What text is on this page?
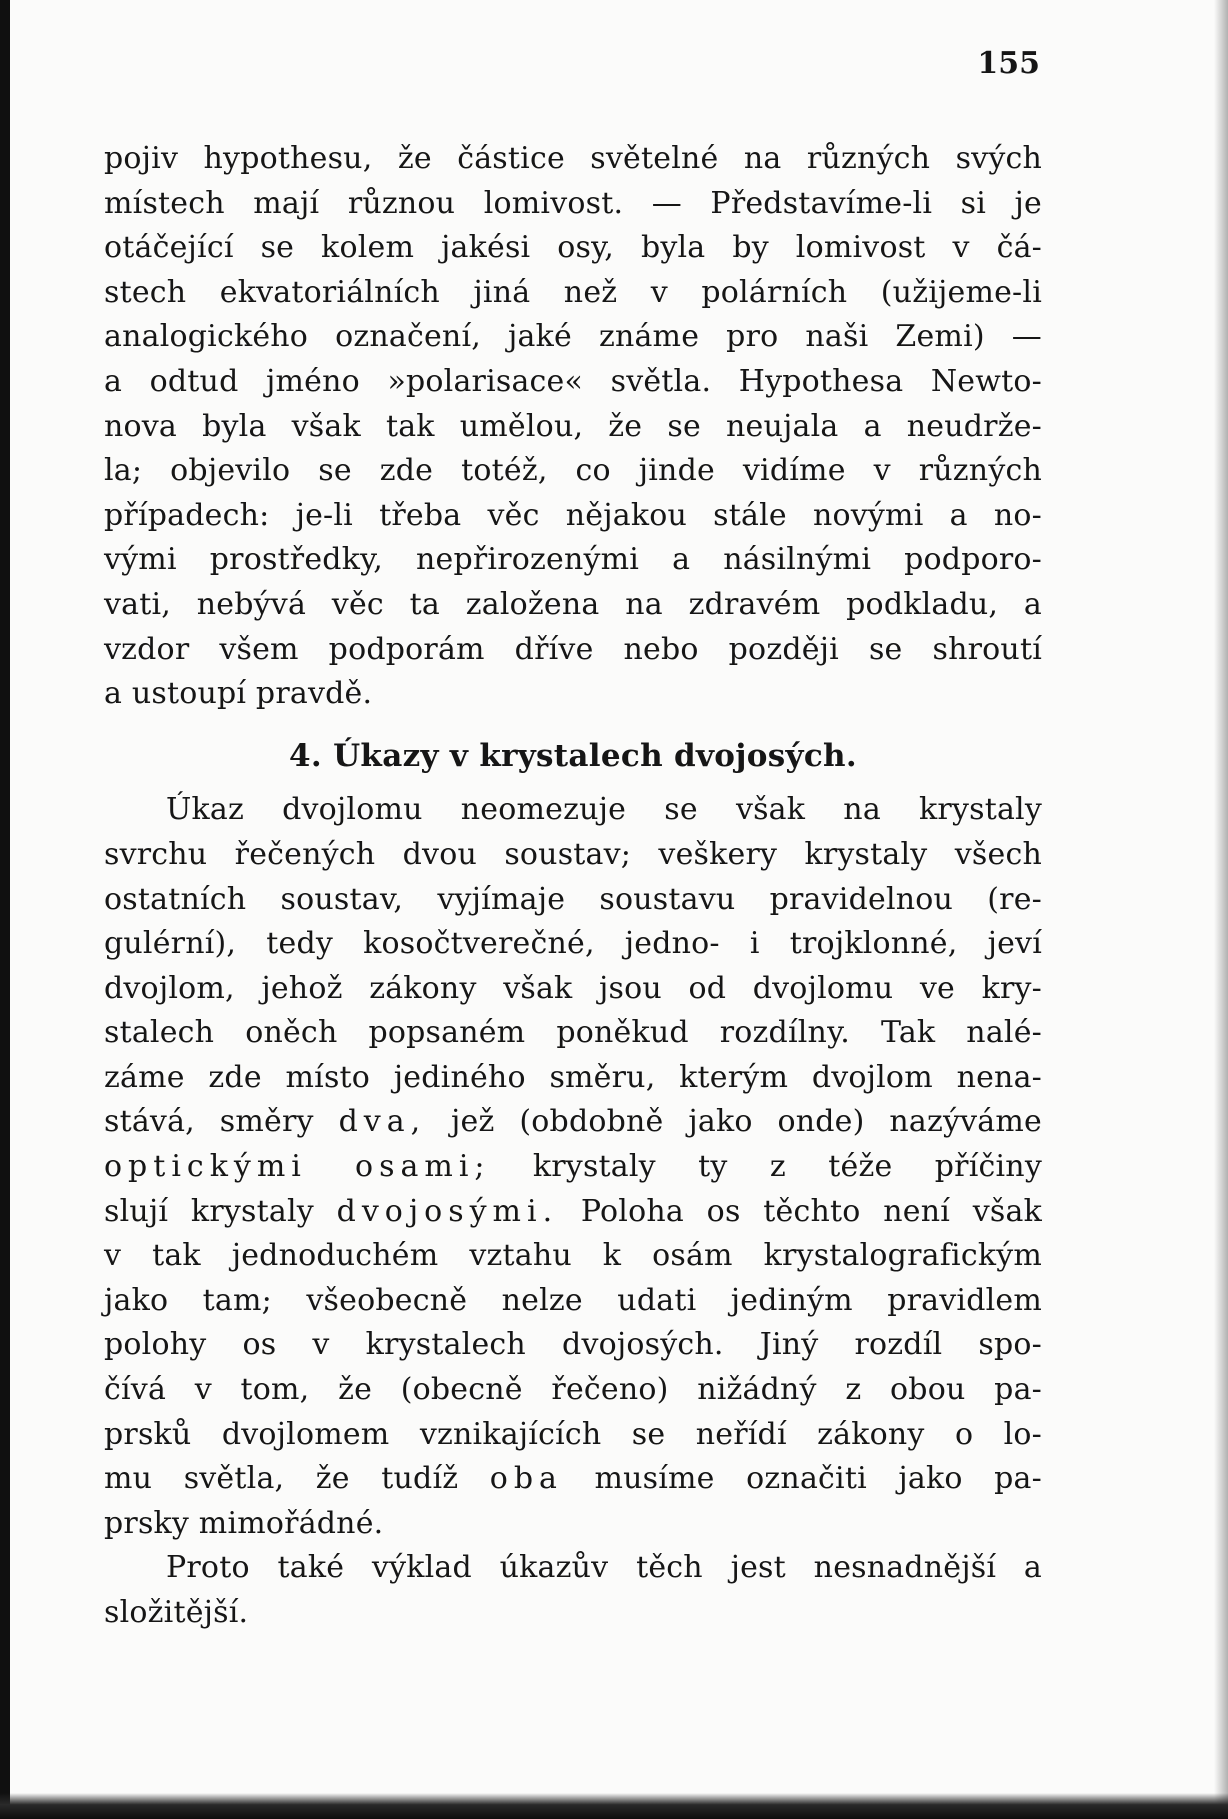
155

pojiv hypothesu, že částice světelné na různých svých
místech mají různou lomivost. — Představíme-li si je
otáčející se kolem jakési osy, byla by lomivost v čá-
stech ekvatoriálních jiná než v polárních (užijeme-li
analogického označení, jaké známe pro naši Zemi) —
a odtud jméno »polarisace« světla. Hypothesa Newto-
nova byla však tak umělou, že se neujala a neudrže-
la; objevilo se zde totéž, co jinde vidíme v různých
případech: je-li třeba věc nějakou stále novými a no-
vými prostředky, nepřirozenými a násilnými podporo-
vati, nebývá věc ta založena na zdravém podkladu, a
vzdor všem podporám dříve nebo později se shroutí
a ustoupí pravdě.
4. Úkazy v krystalech dvojosých.
Úkaz dvojlomu neomezuje se však na krystaly
svrchu řečených dvou soustav; veškery krystaly všech
ostatních soustav, vyjímaje soustavu pravidelnou (re-
gulérní), tedy kosočtverečné, jedno- i trojklonné, jeví
dvojlom, jehož zákony však jsou od dvojlomu ve kry-
stalech oněch popsaném poněkud rozdílny. Tak nalé-
záme zde místo jediného směru, kterým dvojlom nena-
stává, směry dva, jež (obdobně jako onde) nazýváme
optickými osami; krystaly ty z téže příčiny
slují krystaly dvojosými. Poloha os těchto není však
v tak jednoduchém vztahu k osám krystalografickým
jako tam; všeobecně nelze udati jediným pravidlem
polohy os v krystalech dvojosých. Jiný rozdíl spo-
čívá v tom, že (obecně řečeno) nižádný z obou pa-
prsků dvojlomem vznikajících se neřídí zákony o lo-
mu světla, že tudíž oba musíme označiti jako pa-
prsky mimořádné.
Proto také výklad úkazův těch jest nesnadnější a
složitější.
